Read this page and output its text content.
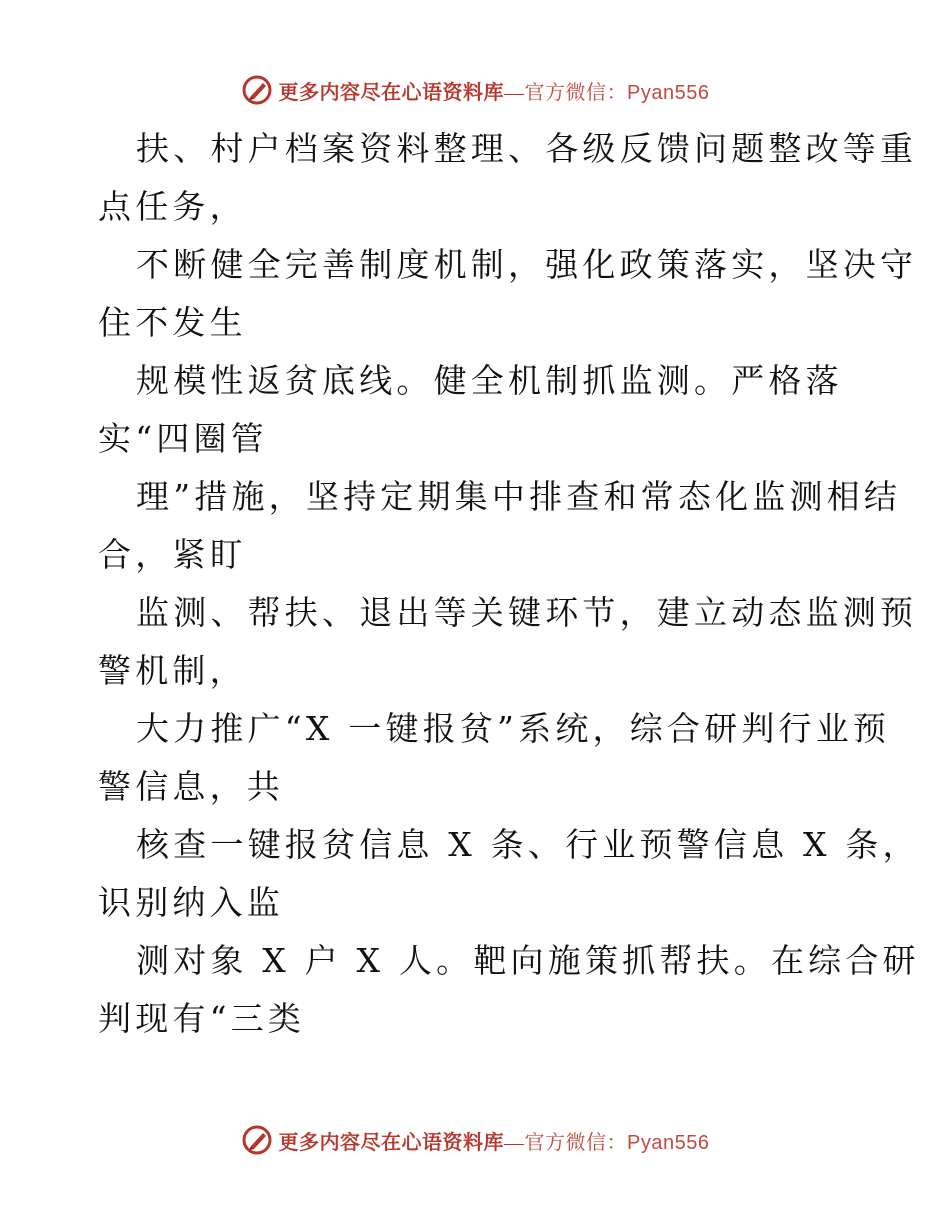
更多内容尽在心语资料库—官方微信：Pyan556
扶、村户档案资料整理、各级反馈问题整改等重
点任务，
不断健全完善制度机制，强化政策落实，坚决守
住不发生
规模性返贫底线。健全机制抓监测。严格落
实“四圈管
理”措施，坚持定期集中排查和常态化监测相结
合，紧盯
监测、帮扶、退出等关键环节，建立动态监测预
警机制，
大力推广“X 一键报贫”系统，综合研判行业预
警信息，共
核查一键报贫信息 X 条、行业预警信息 X 条，
识别纳入监
测对象 X 户 X 人。靶向施策抓帮扶。在综合研
判现有“三类
更多内容尽在心语资料库—官方微信：Pyan556
